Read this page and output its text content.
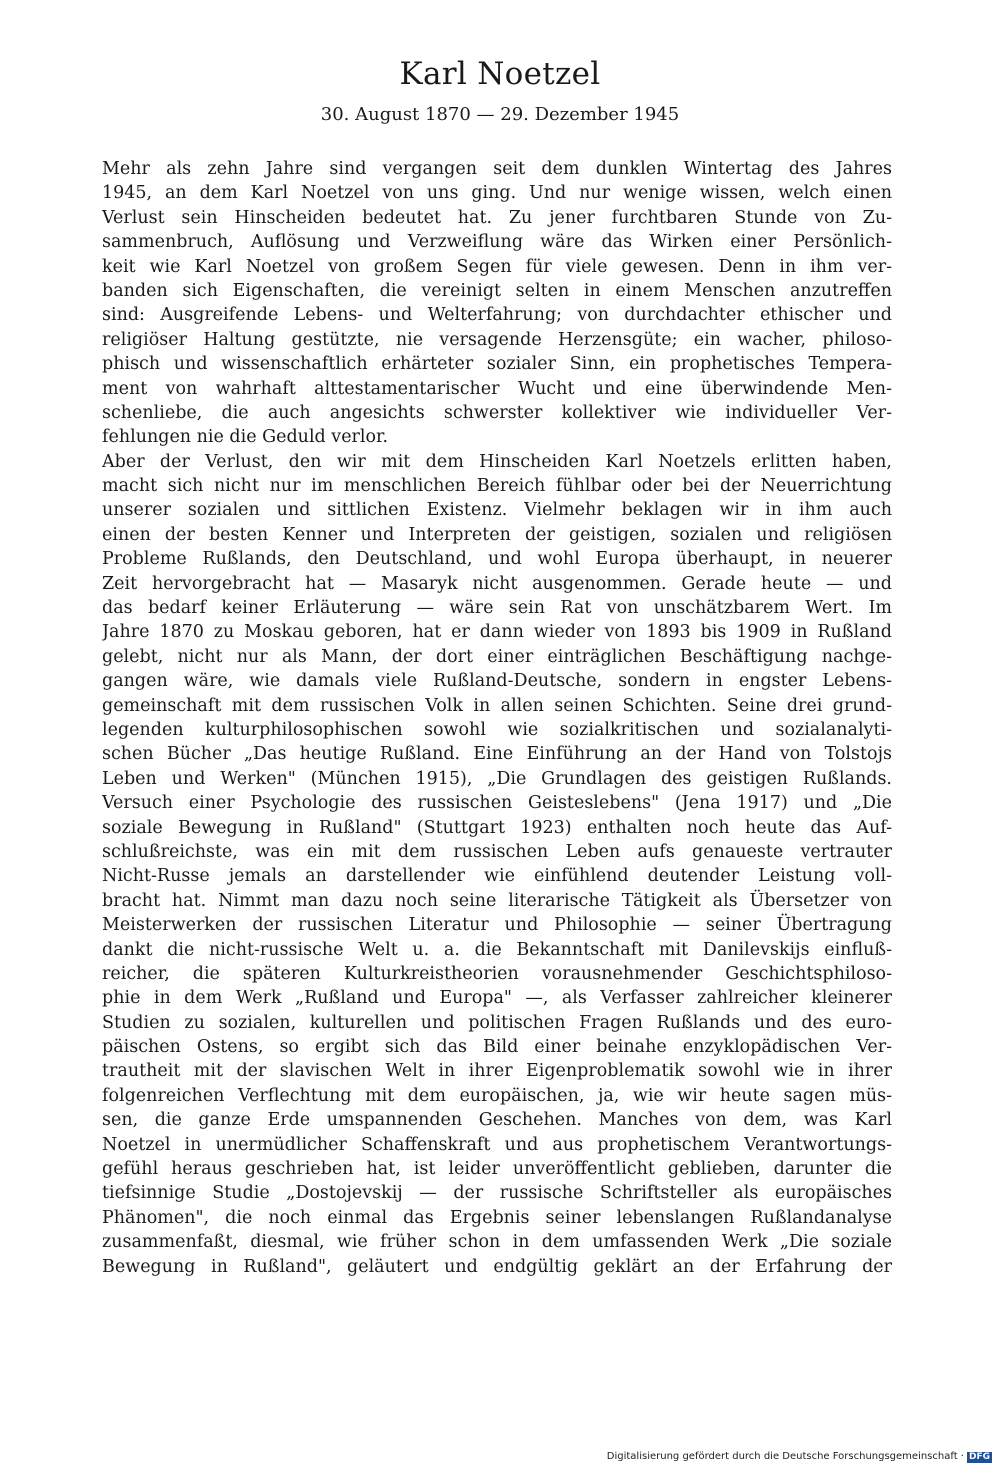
Karl Noetzel
30. August 1870 — 29. Dezember 1945
Mehr als zehn Jahre sind vergangen seit dem dunklen Wintertag des Jahres
1945, an dem Karl Noetzel von uns ging. Und nur wenige wissen, welch einen
Verlust sein Hinscheiden bedeutet hat. Zu jener furchtbaren Stunde von Zu-
sammenbruch, Auflösung und Verzweiflung wäre das Wirken einer Persönlich-
keit wie Karl Noetzel von großem Segen für viele gewesen. Denn in ihm ver-
banden sich Eigenschaften, die vereinigt selten in einem Menschen anzutreffen
sind: Ausgreifende Lebens- und Welterfahrung; von durchdachter ethischer und
religiöser Haltung gestützte, nie versagende Herzensgüte; ein wacher, philoso-
phisch und wissenschaftlich erhärteter sozialer Sinn, ein prophetisches Tempera-
ment von wahrhaft alttestamentarischer Wucht und eine überwindende Men-
schenliebe, die auch angesichts schwerster kollektiver wie individueller Ver-
fehlungen nie die Geduld verlor.
Aber der Verlust, den wir mit dem Hinscheiden Karl Noetzels erlitten haben,
macht sich nicht nur im menschlichen Bereich fühlbar oder bei der Neuerrichtung
unserer sozialen und sittlichen Existenz. Vielmehr beklagen wir in ihm auch
einen der besten Kenner und Interpreten der geistigen, sozialen und religiösen
Probleme Rußlands, den Deutschland, und wohl Europa überhaupt, in neuerer
Zeit hervorgebracht hat — Masaryk nicht ausgenommen. Gerade heute — und
das bedarf keiner Erläuterung — wäre sein Rat von unschätzbarem Wert. Im
Jahre 1870 zu Moskau geboren, hat er dann wieder von 1893 bis 1909 in Rußland
gelebt, nicht nur als Mann, der dort einer einträglichen Beschäftigung nachge-
gangen wäre, wie damals viele Rußland-Deutsche, sondern in engster Lebens-
gemeinschaft mit dem russischen Volk in allen seinen Schichten. Seine drei grund-
legenden kulturphilosophischen sowohl wie sozialkritischen und sozialanalyti-
schen Bücher „Das heutige Rußland. Eine Einführung an der Hand von Tolstojs
Leben und Werken" (München 1915), „Die Grundlagen des geistigen Rußlands.
Versuch einer Psychologie des russischen Geisteslebens" (Jena 1917) und „Die
soziale Bewegung in Rußland" (Stuttgart 1923) enthalten noch heute das Auf-
schlußreichste, was ein mit dem russischen Leben aufs genaueste vertrauter
Nicht-Russe jemals an darstellender wie einfühlend deutender Leistung voll-
bracht hat. Nimmt man dazu noch seine literarische Tätigkeit als Übersetzer von
Meisterwerken der russischen Literatur und Philosophie — seiner Übertragung
dankt die nicht-russische Welt u. a. die Bekanntschaft mit Danilevskijs einfluß-
reicher, die späteren Kulturkreistheorien vorausnehmender Geschichtsphiloso-
phie in dem Werk „Rußland und Europa" —, als Verfasser zahlreicher kleinerer
Studien zu sozialen, kulturellen und politischen Fragen Rußlands und des euro-
päischen Ostens, so ergibt sich das Bild einer beinahe enzyklopädischen Ver-
trautheit mit der slavischen Welt in ihrer Eigenproblematik sowohl wie in ihrer
folgenreichen Verflechtung mit dem europäischen, ja, wie wir heute sagen müs-
sen, die ganze Erde umspannenden Geschehen. Manches von dem, was Karl
Noetzel in unermüdlicher Schaffenskraft und aus prophetischem Verantwortungs-
gefühl heraus geschrieben hat, ist leider unveröffentlicht geblieben, darunter die
tiefsinnige Studie „Dostojevskij — der russische Schriftsteller als europäisches
Phänomen", die noch einmal das Ergebnis seiner lebenslangen Rußlandanalyse
zusammenfaßt, diesmal, wie früher schon in dem umfassenden Werk „Die soziale
Bewegung in Rußland", geläutert und endgültig geklärt an der Erfahrung der
Digitalisierung gefördert durch die Deutsche Forschungsgemeinschaft · DFG
